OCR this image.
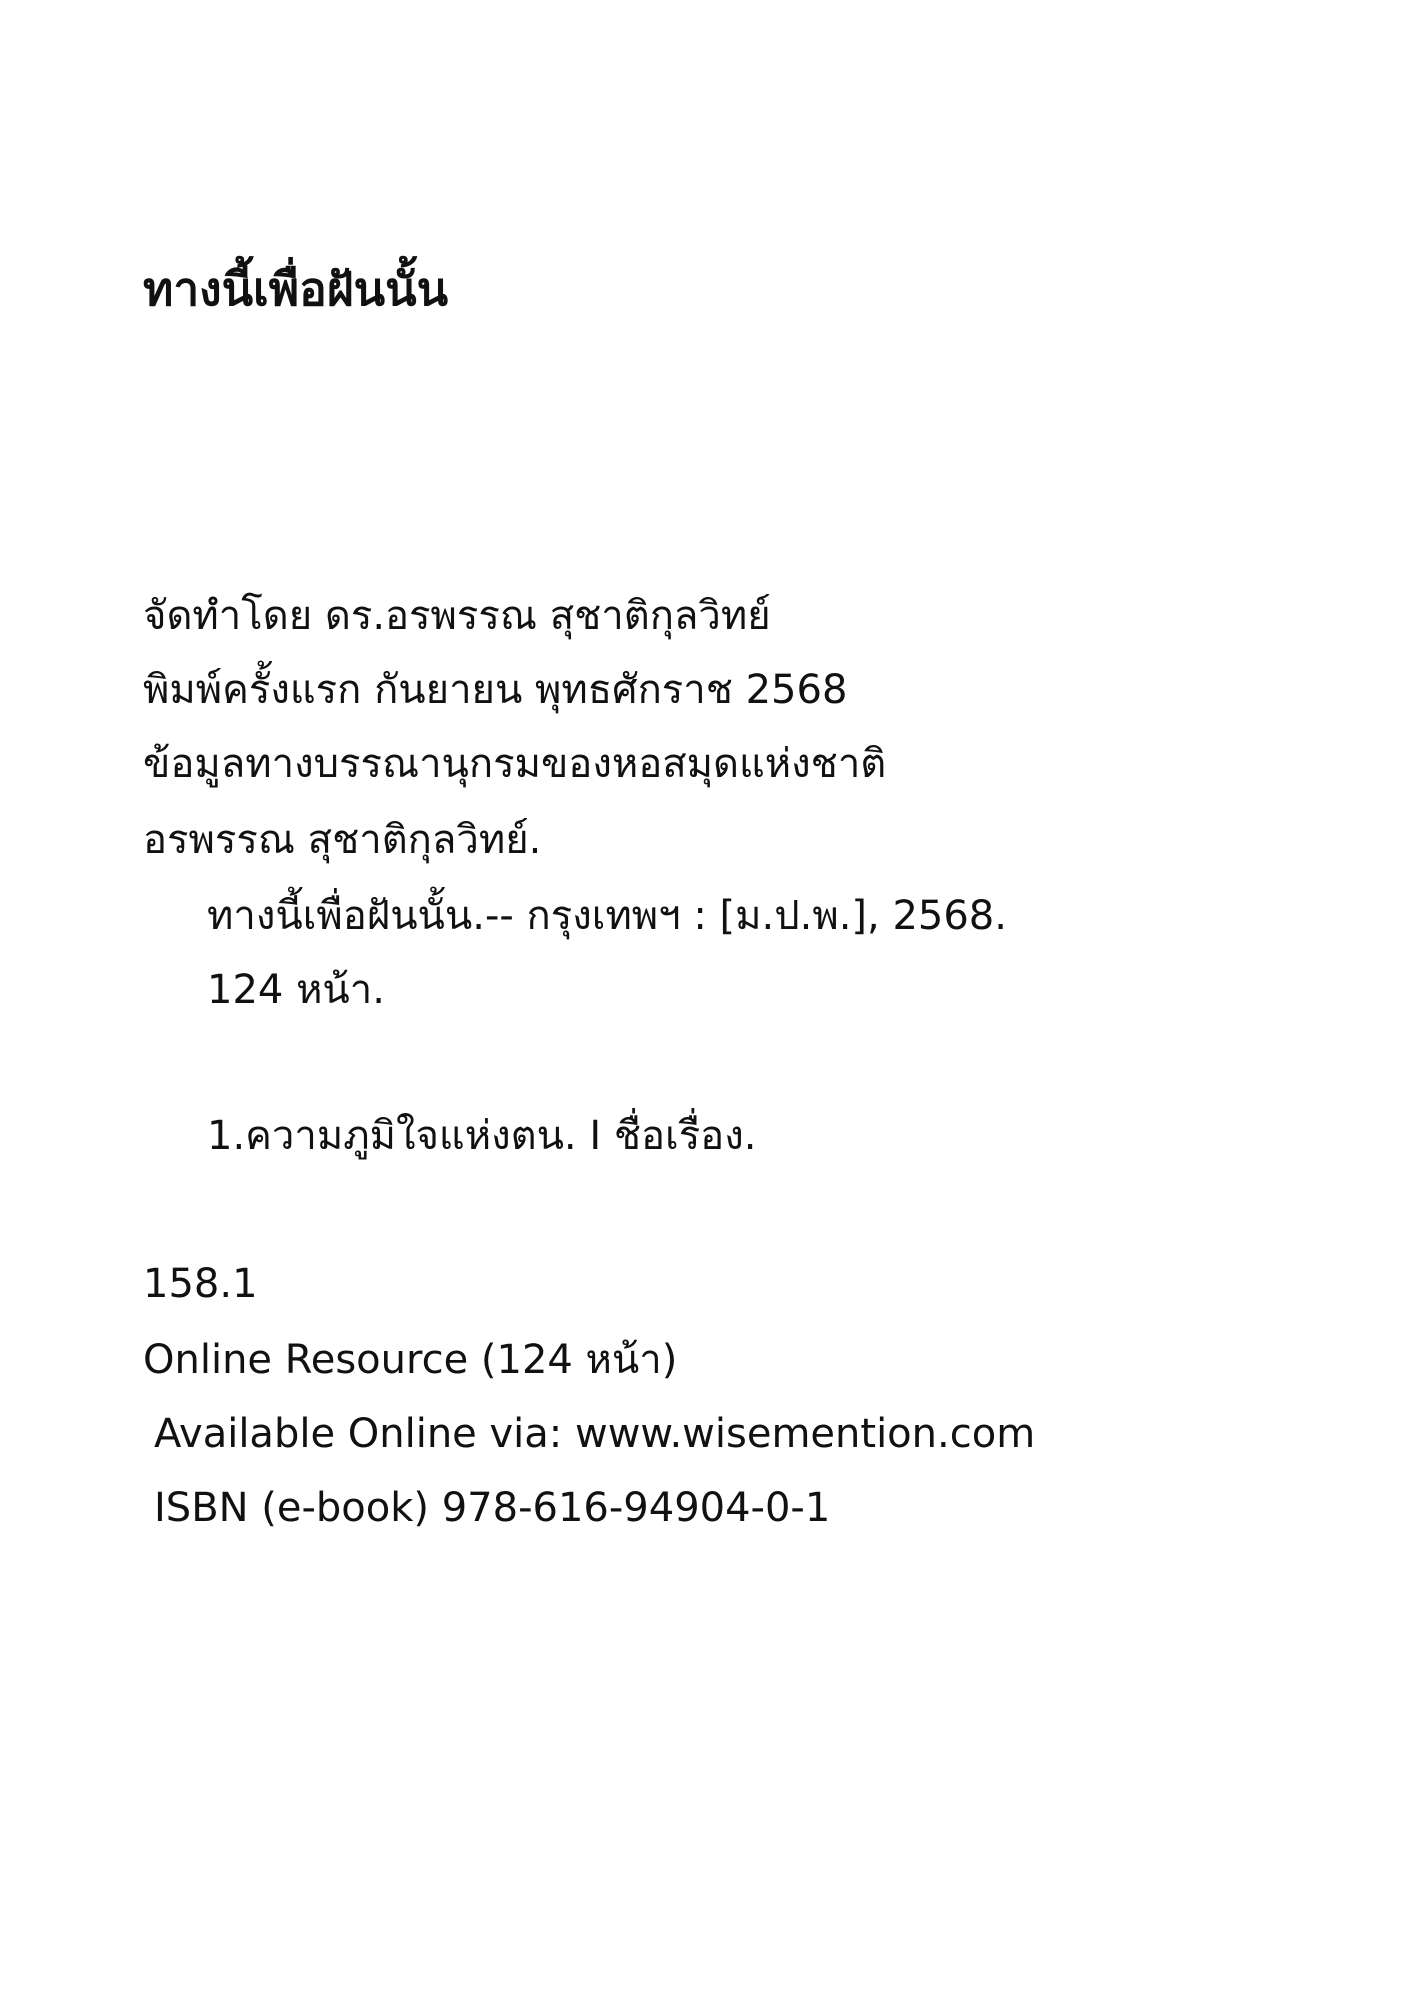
ทางนี้เพื่อฝันนั้น
จัดทำโดย ดร.อรพรรณ สุชาติกุลวิทย์
พิมพ์ครั้งแรก กันยายน พุทธศักราช 2568
ข้อมูลทางบรรณานุกรมของหอสมุดแห่งชาติ
อรพรรณ สุชาติกุลวิทย์.
ทางนี้เพื่อฝันนั้น.-- กรุงเทพฯ : [ม.ป.พ.], 2568.
124 หน้า.
1.ความภูมิใจแห่งตน. I ชื่อเรื่อง.
158.1
Online Resource (124 หน้า)
Available Online via: www.wisemention.com
ISBN (e-book) 978-616-94904-0-1
